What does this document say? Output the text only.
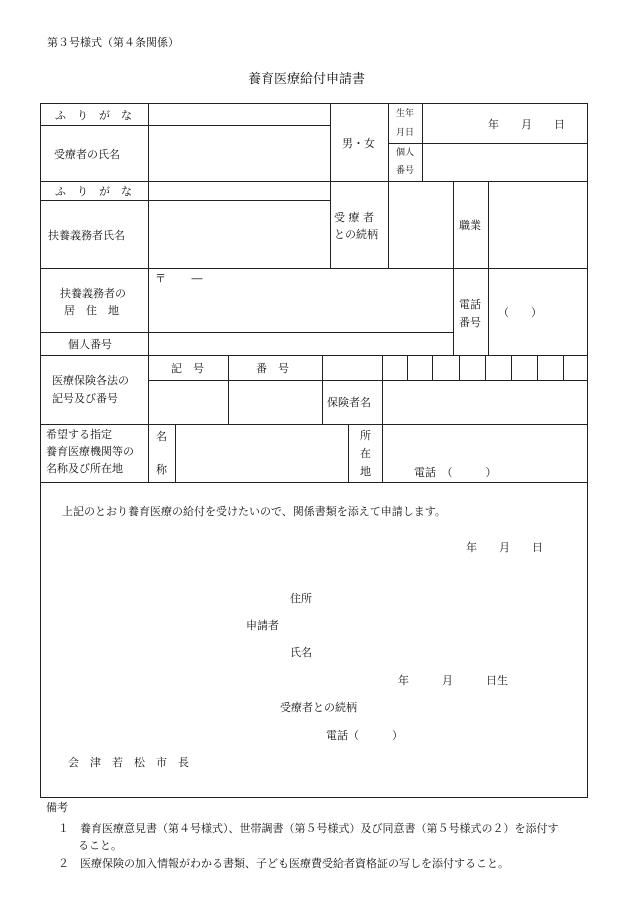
第３号様式（第４条関係）
養育医療給付申請書
ふ　り　が　な
受療者の氏名
男・女
生年
月日
年　　月　　日
個人
番号
ふ　り　が　な
扶養義務者氏名
受 療 者
との続柄
職業
扶養義務者の
居　住　地
〒　　 ―
電話
番号
（　　）
個人番号
医療保険各法の
記号及び番号
記　号	番　号
保険者名
希望する指定
養育医療機関等の
名称及び所在地
名
称
所
在
地	電話　（　　　）
上記のとおり養育医療の給付を受けたいので、関係書類を添えて申請します。
年　　月　　日
住所
申請者
氏名
年　　　月　　　日生
受療者との続柄
電話（　　　）
会　津　若　松　市　長
備考
１　養育医療意見書（第４号様式）、世帯調書（第５号様式）及び同意書（第５号様式の２）を添付す
ること。
２　医療保険の加入情報がわかる書類、子ども医療費受給者資格証の写しを添付すること。
